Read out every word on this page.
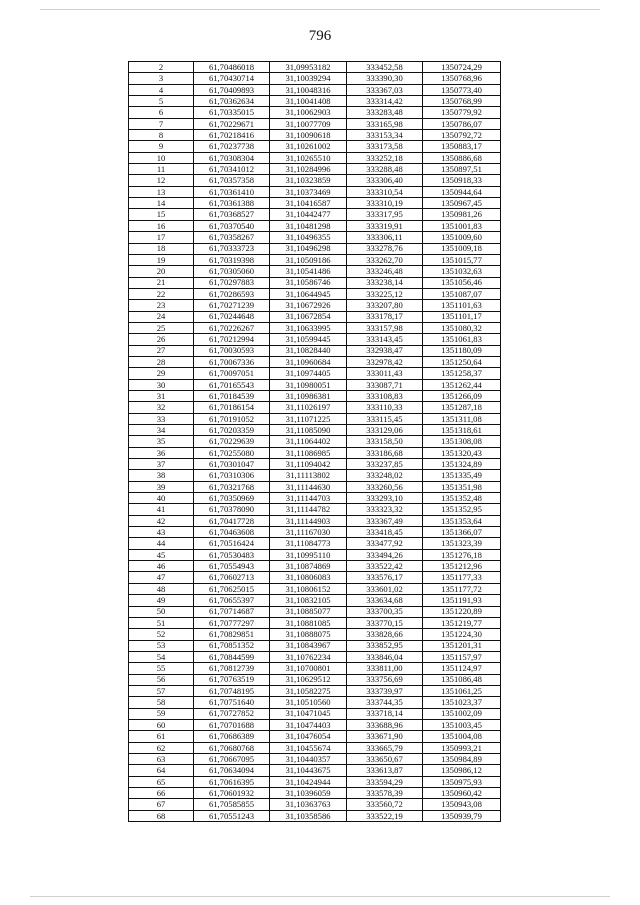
796
2	61,70486018	31,09953182	333452,58	1350724,29
3	61,70430714	31,10039294	333390,30	1350768,96
4	61,70409893	31,10048316	333367,03	1350773,40
5	61,70362634	31,10041408	333314,42	1350768,99
6	61,70335015	31,10062903	333283,48	1350779,92
7	61,70229671	31,10077709	333165,98	1350786,07
8	61,70218416	31,10090618	333153,34	1350792,72
9	61,70237738	31,10261002	333173,58	1350883,17
10	61,70308304	31,10265510	333252,18	1350886,68
11	61,70341012	31,10284996	333288,48	1350897,51
12	61,70357358	31,10323859	333306,40	1350918,33
13	61,70361410	31,10373469	333310,54	1350944,64
14	61,70361388	31,10416587	333310,19	1350967,45
15	61,70368527	31,10442477	333317,95	1350981,26
16	61,70370540	31,10481298	333319,91	1351001,83
17	61,70358267	31,10496355	333306,11	1351009,60
18	61,70333723	31,10496298	333278,76	1351009,18
19	61,70319398	31,10509186	333262,70	1351015,77
20	61,70305060	31,10541486	333246,48	1351032,63
21	61,70297883	31,10586746	333238,14	1351056,46
22	61,70286593	31,10644945	333225,12	1351087,07
23	61,70271239	31,10672926	333207,80	1351101,63
24	61,70244648	31,10672854	333178,17	1351101,17
25	61,70226267	31,10633995	333157,98	1351080,32
26	61,70212994	31,10599445	333143,45	1351061,83
27	61,70030593	31,10828440	332938,47	1351180,09
28	61,70067336	31,10960684	332978,42	1351250,64
29	61,70097051	31,10974405	333011,43	1351258,37
30	61,70165543	31,10980051	333087,71	1351262,44
31	61,70184539	31,10986381	333108,83	1351266,09
32	61,70186154	31,11026197	333110,33	1351287,18
33	61,70191052	31,11071225	333115,45	1351311,08
34	61,70203359	31,11085090	333129,06	1351318,61
35	61,70229639	31,11064402	333158,50	1351308,08
36	61,70255080	31,11086985	333186,68	1351320,43
37	61,70301047	31,11094042	333237,85	1351324,89
38	61,70310306	31,11113802	333248,02	1351335,49
39	61,70321768	31,11144630	333260,56	1351351,98
40	61,70350969	31,11144703	333293,10	1351352,48
41	61,70378090	31,11144782	333323,32	1351352,95
42	61,70417728	31,11144903	333367,49	1351353,64
43	61,70463608	31,11167030	333418,45	1351366,07
44	61,70516424	31,11084773	333477,92	1351323,39
45	61,70530483	31,10995110	333494,26	1351276,18
46	61,70554943	31,10874869	333522,42	1351212,96
47	61,70602713	31,10806083	333576,17	1351177,33
48	61,70625015	31,10806152	333601,02	1351177,72
49	61,70655397	31,10832105	333634,68	1351191,93
50	61,70714687	31,10885077	333700,35	1351220,89
51	61,70777297	31,10881085	333770,15	1351219,77
52	61,70829851	31,10888075	333828,66	1351224,30
53	61,70851352	31,10843967	333852,95	1351201,31
54	61,70844599	31,10762234	333846,04	1351157,97
55	61,70812739	31,10700801	333811,00	1351124,97
56	61,70763519	31,10629512	333756,69	1351086,48
57	61,70748195	31,10582275	333739,97	1351061,25
58	61,70751640	31,10510560	333744,35	1351023,37
59	61,70727852	31,10471045	333718,14	1351002,09
60	61,70701688	31,10474403	333688,96	1351003,45
61	61,70686389	31,10476054	333671,90	1351004,08
62	61,70680768	31,10455674	333665,79	1350993,21
63	61,70667095	31,10440357	333650,67	1350984,89
64	61,70634094	31,10443675	333613,87	1350986,12
65	61,70616395	31,10424944	333594,29	1350975,93
66	61,70601932	31,10396059	333578,39	1350960,42
67	61,70585855	31,10363763	333560,72	1350943,08
68	61,70551243	31,10358586	333522,19	1350939,79
